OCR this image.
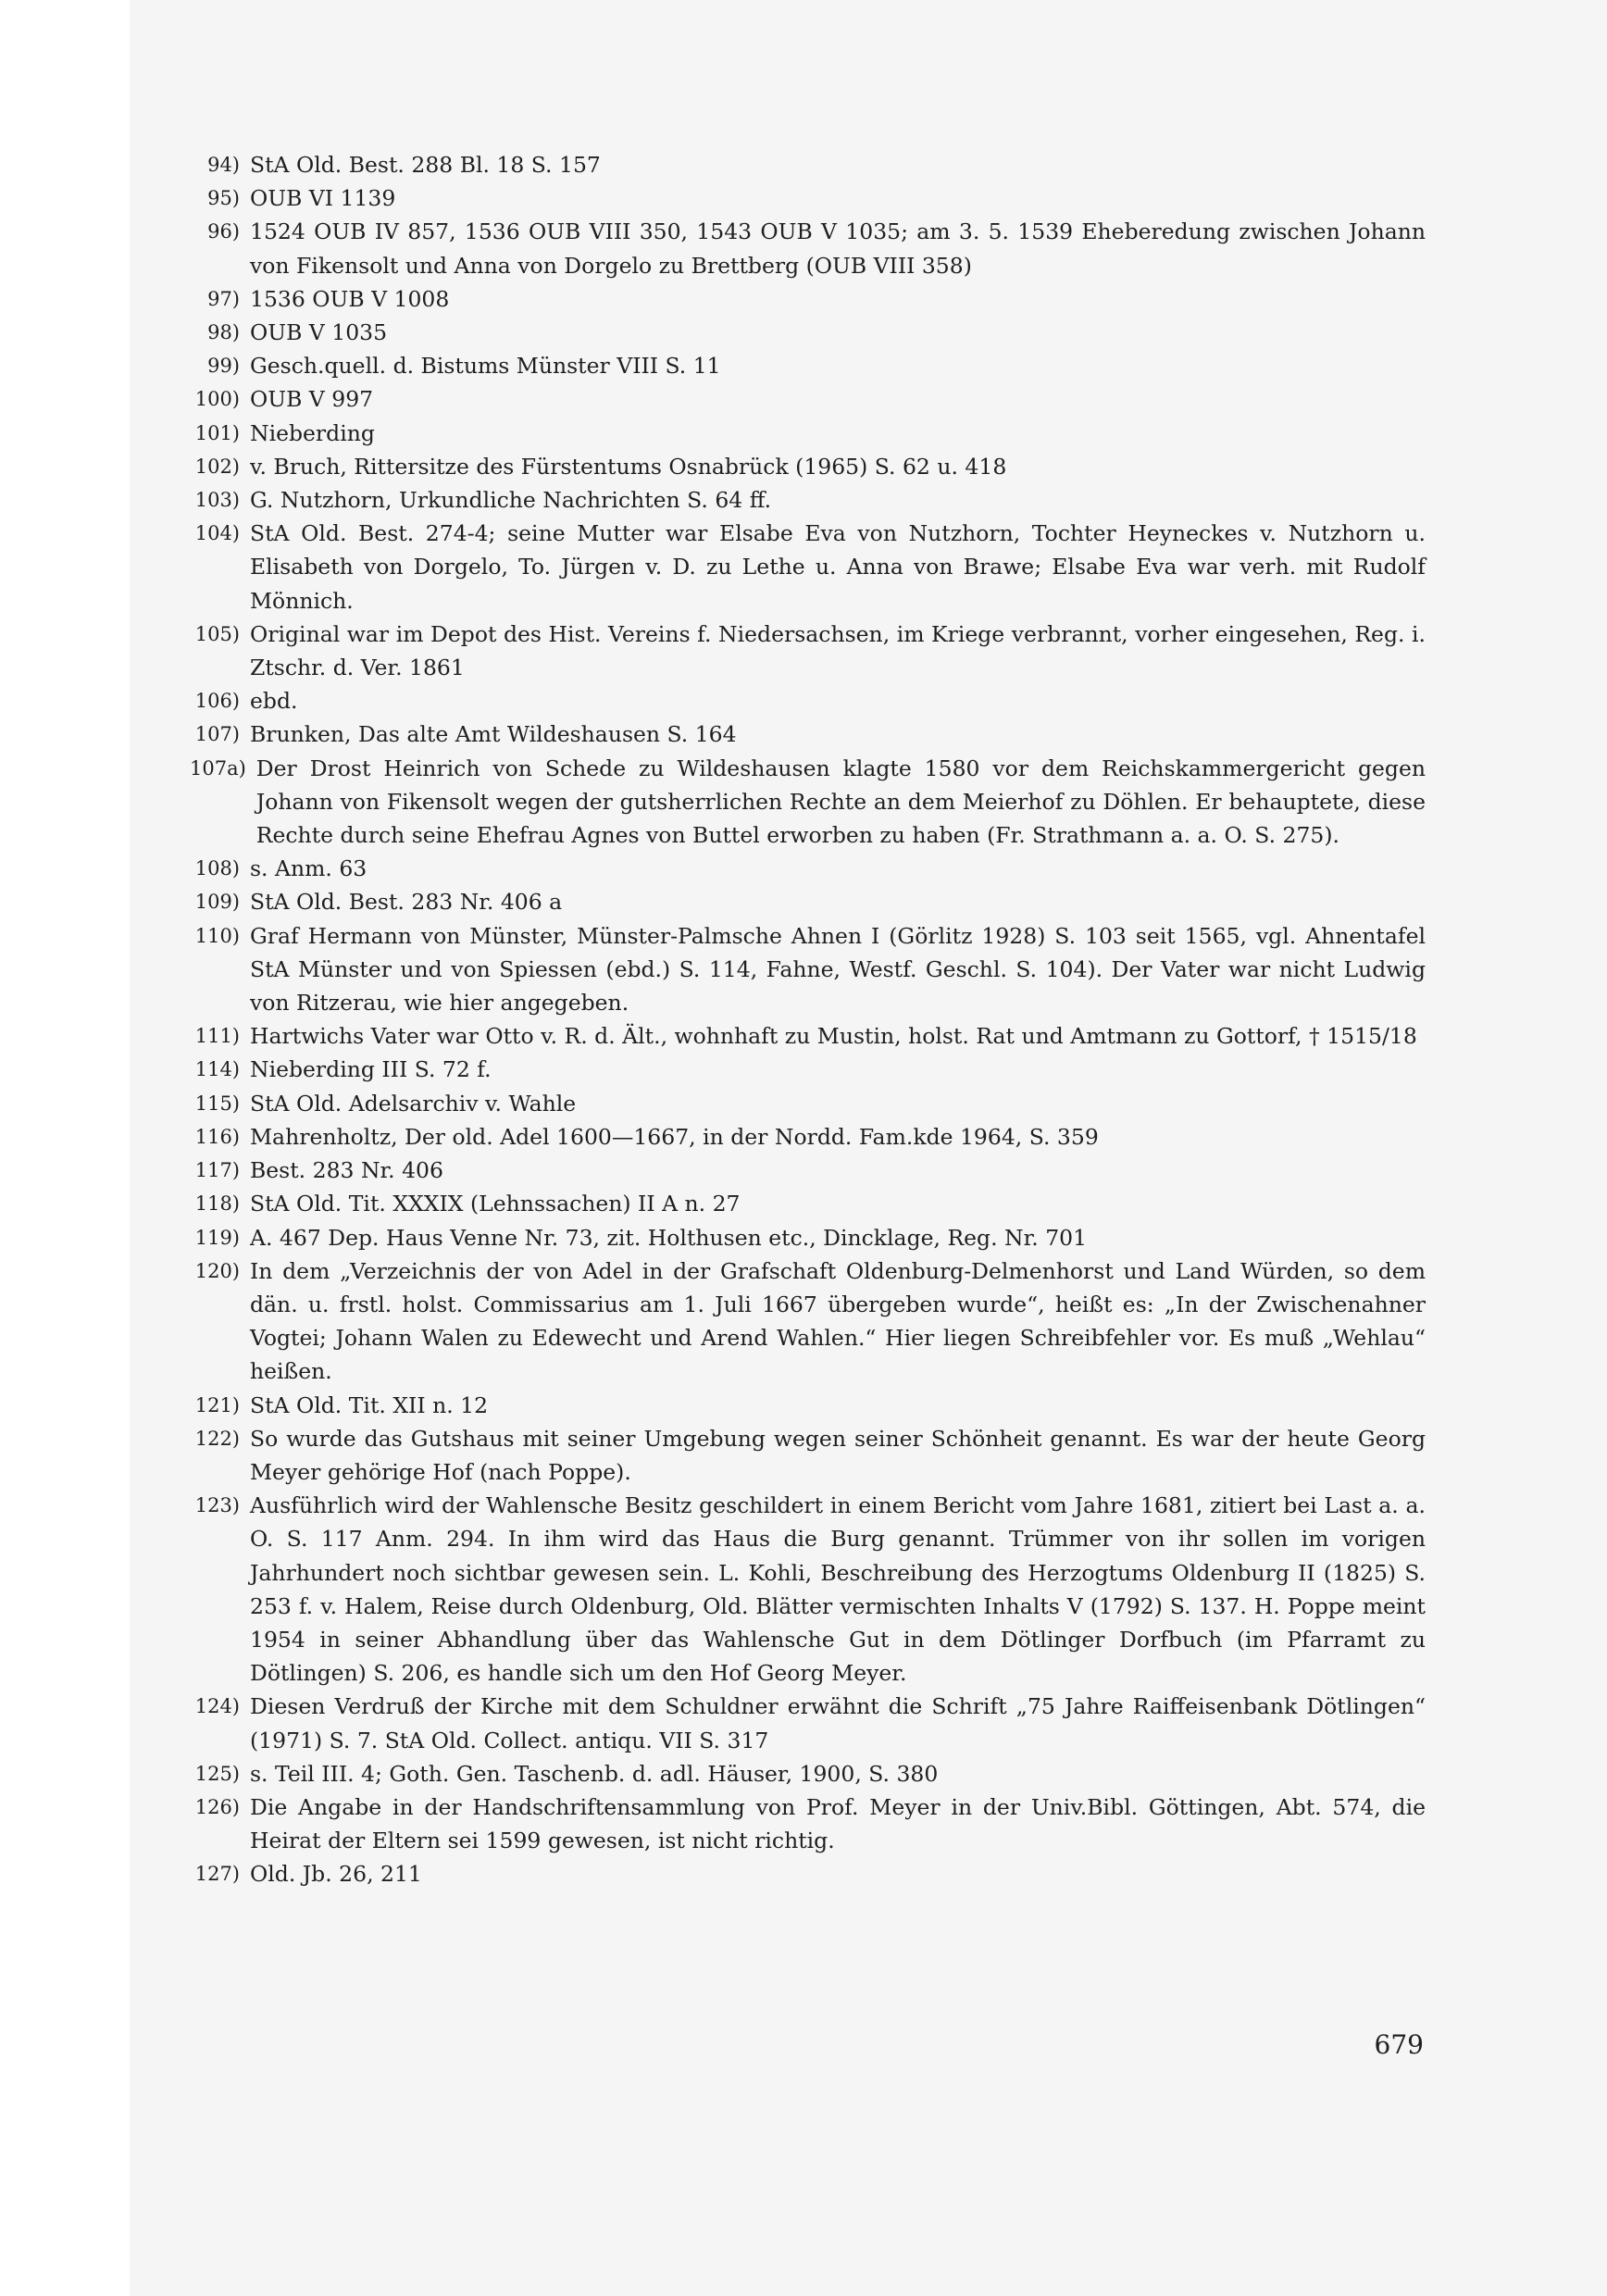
94) StA Old. Best. 288 Bl. 18 S. 157
95) OUB VI 1139
96) 1524 OUB IV 857, 1536 OUB VIII 350, 1543 OUB V 1035; am 3. 5. 1539 Eheberedung zwischen Johann von Fikensolt und Anna von Dorgelo zu Brettberg (OUB VIII 358)
97) 1536 OUB V 1008
98) OUB V 1035
99) Gesch.quell. d. Bistums Münster VIII S. 11
100) OUB V 997
101) Nieberding
102) v. Bruch, Rittersitze des Fürstentums Osnabrück (1965) S. 62 u. 418
103) G. Nutzhorn, Urkundliche Nachrichten S. 64 ff.
104) StA Old. Best. 274-4; seine Mutter war Elsabe Eva von Nutzhorn, Tochter Heyneckes v. Nutzhorn u. Elisabeth von Dorgelo, To. Jürgen v. D. zu Lethe u. Anna von Brawe; Elsabe Eva war verh. mit Rudolf Mönnich.
105) Original war im Depot des Hist. Vereins f. Niedersachsen, im Kriege verbrannt, vorher eingesehen, Reg. i. Ztschr. d. Ver. 1861
106) ebd.
107) Brunken, Das alte Amt Wildeshausen S. 164
107a) Der Drost Heinrich von Schede zu Wildeshausen klagte 1580 vor dem Reichskammergericht gegen Johann von Fikensolt wegen der gutsherrlichen Rechte an dem Meierhof zu Döhlen. Er behauptete, diese Rechte durch seine Ehefrau Agnes von Buttel erworben zu haben (Fr. Strathmann a. a. O. S. 275).
108) s. Anm. 63
109) StA Old. Best. 283 Nr. 406 a
110) Graf Hermann von Münster, Münster-Palmsche Ahnen I (Görlitz 1928) S. 103 seit 1565, vgl. Ahnentafel StA Münster und von Spiessen (ebd.) S. 114, Fahne, Westf. Geschl. S. 104). Der Vater war nicht Ludwig von Ritzerau, wie hier angegeben.
111) Hartwichs Vater war Otto v. R. d. Ält., wohnhaft zu Mustin, holst. Rat und Amtmann zu Gottorf, † 1515/18
114) Nieberding III S. 72 f.
115) StA Old. Adelsarchiv v. Wahle
116) Mahrenholtz, Der old. Adel 1600—1667, in der Nordd. Fam.kde 1964, S. 359
117) Best. 283 Nr. 406
118) StA Old. Tit. XXXIX (Lehnssachen) II A n. 27
119) A. 467 Dep. Haus Venne Nr. 73, zit. Holthusen etc., Dincklage, Reg. Nr. 701
120) In dem „Verzeichnis der von Adel in der Grafschaft Oldenburg-Delmenhorst und Land Würden, so dem dän. u. frstl. holst. Commissarius am 1. Juli 1667 übergeben wurde“, heißt es: „In der Zwischenahner Vogtei; Johann Walen zu Edewecht und Arend Wahlen.“ Hier liegen Schreibfehler vor. Es muß „Wehlau“ heißen.
121) StA Old. Tit. XII n. 12
122) So wurde das Gutshaus mit seiner Umgebung wegen seiner Schönheit genannt. Es war der heute Georg Meyer gehörige Hof (nach Poppe).
123) Ausführlich wird der Wahlensche Besitz geschildert in einem Bericht vom Jahre 1681, zitiert bei Last a. a. O. S. 117 Anm. 294. In ihm wird das Haus die Burg genannt. Trümmer von ihr sollen im vorigen Jahrhundert noch sichtbar gewesen sein. L. Kohli, Beschreibung des Herzogtums Oldenburg II (1825) S. 253 f. v. Halem, Reise durch Oldenburg, Old. Blätter vermischten Inhalts V (1792) S. 137. H. Poppe meint 1954 in seiner Abhandlung über das Wahlensche Gut in dem Dötlinger Dorfbuch (im Pfarramt zu Dötlingen) S. 206, es handle sich um den Hof Georg Meyer.
124) Diesen Verdruß der Kirche mit dem Schuldner erwähnt die Schrift „75 Jahre Raiffeisenbank Dötlingen“ (1971) S. 7. StA Old. Collect. antiqu. VII S. 317
125) s. Teil III. 4; Goth. Gen. Taschenb. d. adl. Häuser, 1900, S. 380
126) Die Angabe in der Handschriftensammlung von Prof. Meyer in der Univ.Bibl. Göttingen, Abt. 574, die Heirat der Eltern sei 1599 gewesen, ist nicht richtig.
127) Old. Jb. 26, 211
679
